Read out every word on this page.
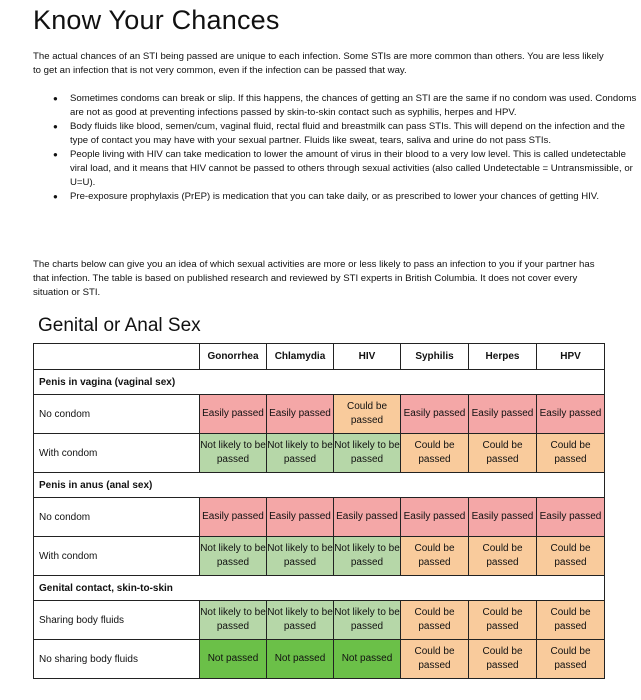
Know Your Chances

The actual chances of an STI being passed are unique to each infection. Some STIs are more common than others. You are less likely to get an infection that is not very common, even if the infection can be passed that way.

● Sometimes condoms can break or slip. If this happens, the chances of getting an STI are the same if no condom was used. Condoms are not as good at preventing infections passed by skin-to-skin contact such as syphilis, herpes and HPV.
● Body fluids like blood, semen/cum, vaginal fluid, rectal fluid and breastmilk can pass STIs. This will depend on the infection and the type of contact you may have with your sexual partner. Fluids like sweat, tears, saliva and urine do not pass STIs.
● People living with HIV can take medication to lower the amount of virus in their blood to a very low level. This is called undetectable viral load, and it means that HIV cannot be passed to others through sexual activities (also called Undetectable = Untransmissible, or U=U).
● Pre-exposure prophylaxis (PrEP) is medication that you can take daily, or as prescribed to lower your chances of getting HIV.

The charts below can give you an idea of which sexual activities are more or less likely to pass an infection to you if your partner has that infection. The table is based on published research and reviewed by STI experts in British Columbia. It does not cover every situation or STI.

Genital or Anal Sex
	Gonorrhea	Chlamydia	HIV	Syphilis	Herpes	HPV
Penis in vagina (vaginal sex)						
No condom	Easily passed	Easily passed	Could be passed	Easily passed	Easily passed	Easily passed

With condom	Not likely to be passed	Not likely to be passed	Not likely to be passed	Could be passed	Could be passed	Could be passed

Penis in anus (anal sex)						
No condom	Easily passed	Easily passed	Easily passed	Easily passed	Easily passed	Easily passed

With condom	Not likely to be passed	Not likely to be passed	Not likely to be passed	Could be passed	Could be passed	Could be passed

Genital contact, skin-to-skin						
Sharing body fluids	Not likely to be passed	Not likely to be passed	Not likely to be passed	Could be passed	Could be passed	Could be passed

No sharing body fluids	Not passed	Not passed	Not passed	Could be passed	Could be passed	Could be passed
